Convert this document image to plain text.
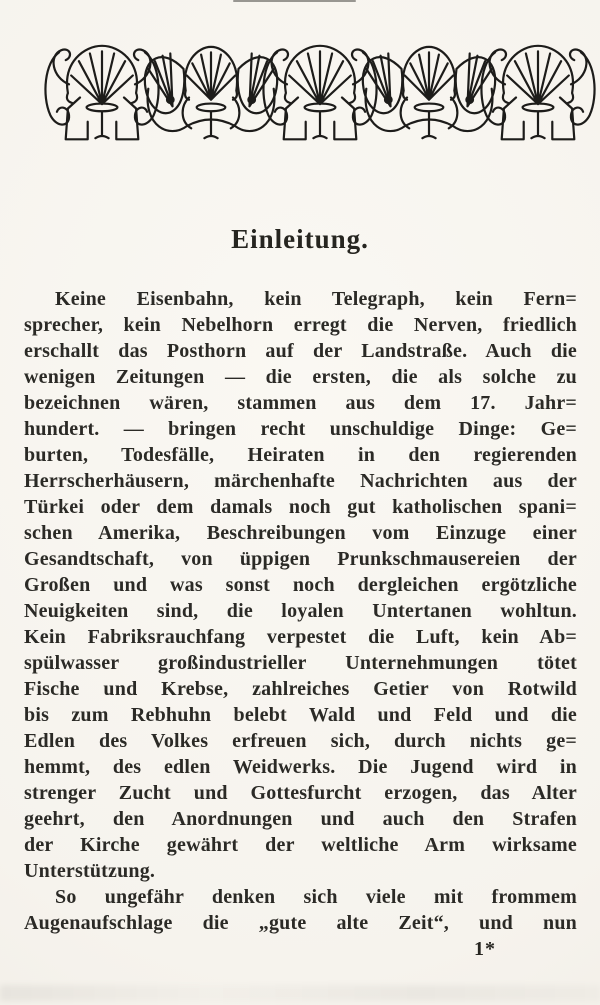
Einleitung.
Keine Eisenbahn, kein Telegraph, kein Fern=
sprecher, kein Nebelhorn erregt die Nerven, friedlich
erschallt das Posthorn auf der Landstraße. Auch die
wenigen Zeitungen — die ersten, die als solche zu
bezeichnen wären, stammen aus dem 17. Jahr=
hundert. — bringen recht unschuldige Dinge: Ge=
burten, Todesfälle, Heiraten in den regierenden
Herrscherhäusern, märchenhafte Nachrichten aus der
Türkei oder dem damals noch gut katholischen spani=
schen Amerika, Beschreibungen vom Einzuge einer
Gesandtschaft, von üppigen Prunkschmausereien der
Großen und was sonst noch dergleichen ergötzliche
Neuigkeiten sind, die loyalen Untertanen wohltun.
Kein Fabriksrauchfang verpestet die Luft, kein Ab=
spülwasser großindustrieller Unternehmungen tötet
Fische und Krebse, zahlreiches Getier von Rotwild
bis zum Rebhuhn belebt Wald und Feld und die
Edlen des Volkes erfreuen sich, durch nichts ge=
hemmt, des edlen Weidwerks. Die Jugend wird in
strenger Zucht und Gottesfurcht erzogen, das Alter
geehrt, den Anordnungen und auch den Strafen
der Kirche gewährt der weltliche Arm wirksame
Unterstützung.
So ungefähr denken sich viele mit frommem
Augenaufschlage die „gute alte Zeit“, und nun
1*
